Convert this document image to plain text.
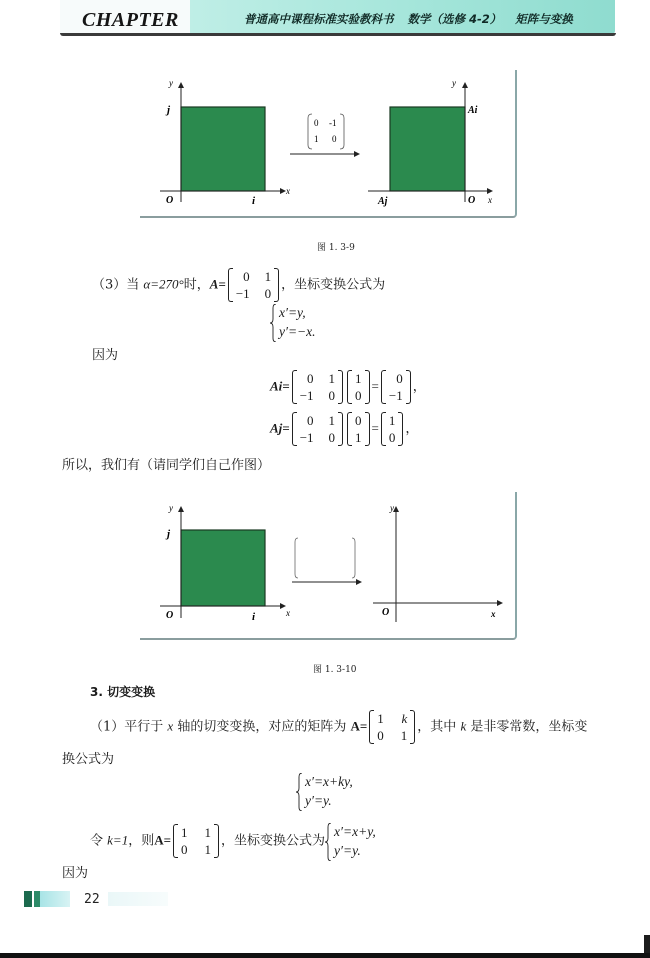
CHAPTER	普通高中课程标准实验教科书 数学（选修 4-2） 矩阵与变换
y
x
O
j
i
0 -1
1 0
y
x
O
Ai
Aj
图 1. 3-9
（3）当 α=270°时，A= 0	1
−1	0
，坐标变换公式为
x′=y,
y′=−x.
因为
Ai= 0	1
−1	0
1
0
= 0
−1
，
Aj= 0	1
−1	0
0
1
= 1
0
，
所以，我们有（请同学们自己作图）
y
x
O
j
i
y
x
O
图 1. 3-10
3. 切变变换
（1）平行于 x 轴的切变变换，对应的矩阵为 A= 1	k
0	1
，其中 k 是非零常数，坐标变
换公式为
x′=x+ky,
y′=y.
令 k=1，则A= 1	1
0	1
，坐标变换公式为
x′=x+y,
y′=y.
因为
22
